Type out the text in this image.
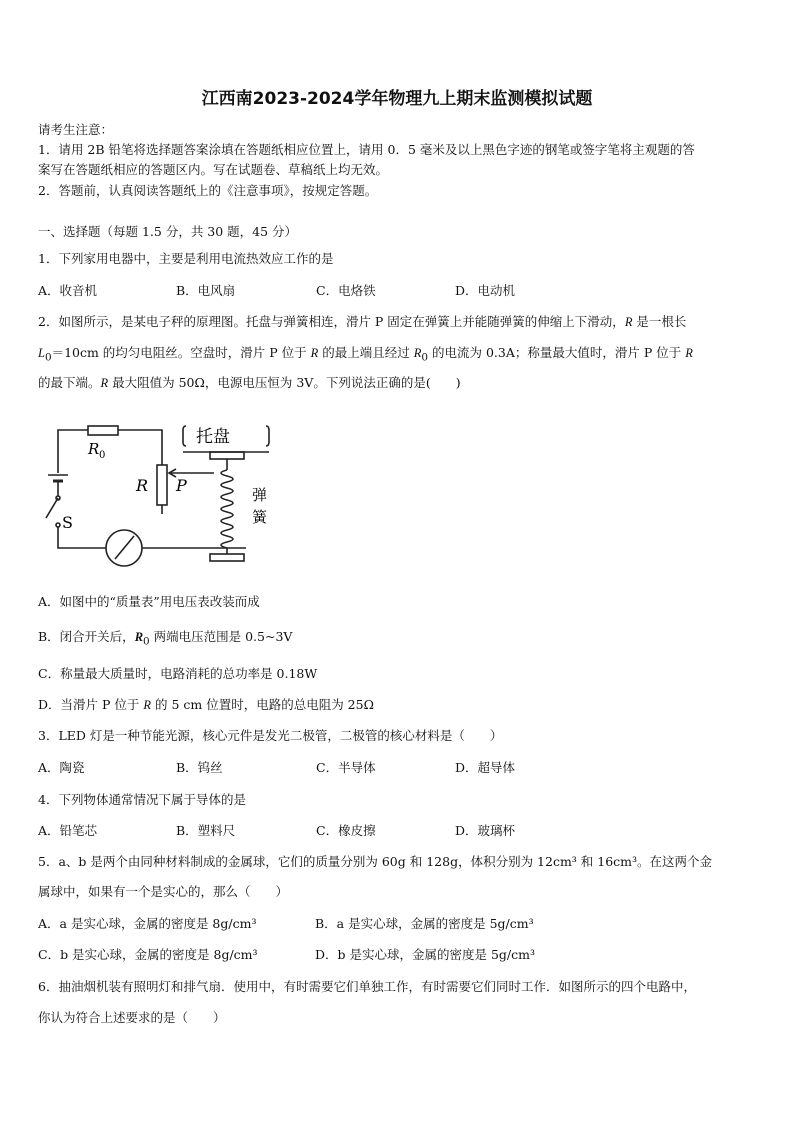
江西南2023-2024学年物理九上期末监测模拟试题
请考生注意：
1．请用 2B 铅笔将选择题答案涂填在答题纸相应位置上，请用 0．5 毫米及以上黑色字迹的钢笔或签字笔将主观题的答
案写在答题纸相应的答题区内。写在试题卷、草稿纸上均无效。
2．答题前，认真阅读答题纸上的《注意事项》，按规定答题。
一、选择题（每题 1.5 分，共 30 题，45 分）
1．下列家用电器中，主要是利用电流热效应工作的是
A．收音机	B．电风扇	C．电烙铁	D．电动机
2．如图所示，是某电子秤的原理图。托盘与弹簧相连，滑片 P 固定在弹簧上并能随弹簧的伸缩上下滑动，R 是一根长
$L_0=10cm$ 的均匀电阻丝。空盘时，滑片 P 位于 R 的最上端且经过 $R_0$ 的电流为 0.3A；称量最大值时，滑片 P 位于 R
的最下端。R 最大阻值为 50Ω，电源电压恒为 3V。下列说法正确的是(　　)
托盘
弹
簧
R 0
R P
S
A．如图中的“质量表”用电压表改装而成
B．闭合开关后，$R_0$ 两端电压范围是 0.5~3V
C．称量最大质量时，电路消耗的总功率是 0.18W
D．当滑片 P 位于 R 的 5 cm 位置时，电路的总电阻为 25Ω
3．LED 灯是一种节能光源，核心元件是发光二极管，二极管的核心材料是（　　）
A．陶瓷	B．钨丝	C．半导体	D．超导体
4．下列物体通常情况下属于导体的是
A．铅笔芯	B．塑料尺	C．橡皮擦	D．玻璃杯
5．a、b 是两个由同种材料制成的金属球，它们的质量分别为 60g 和 128g，体积分别为 12cm³ 和 16cm³。在这两个金
属球中，如果有一个是实心的，那么（　　）
A．a 是实心球，金属的密度是 8g/cm³	B．a 是实心球，金属的密度是 5g/cm³
C．b 是实心球，金属的密度是 8g/cm³	D．b 是实心球，金属的密度是 5g/cm³
6．抽油烟机装有照明灯和排气扇．使用中，有时需要它们单独工作，有时需要它们同时工作．如图所示的四个电路中，
你认为符合上述要求的是（　　）
